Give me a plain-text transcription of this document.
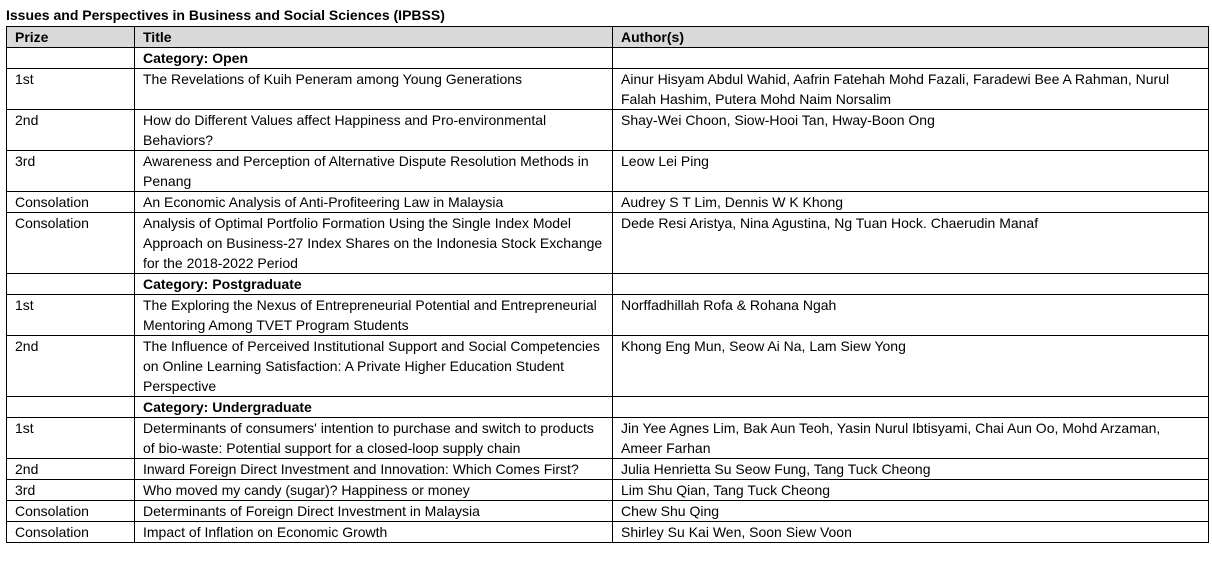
Issues and Perspectives in Business and Social Sciences (IPBSS)
Prize	Title	Author(s)
	Category: Open	
1st	The Revelations of Kuih Peneram among Young Generations	Ainur Hisyam Abdul Wahid, Aafrin Fatehah Mohd Fazali, Faradewi Bee A Rahman, Nurul Falah Hashim, Putera Mohd Naim Norsalim
2nd	How do Different Values affect Happiness and Pro-environmental Behaviors?	Shay-Wei Choon, Siow-Hooi Tan, Hway-Boon Ong
3rd	Awareness and Perception of Alternative Dispute Resolution Methods in Penang	Leow Lei Ping
Consolation	An Economic Analysis of Anti-Profiteering Law in Malaysia	Audrey S T Lim, Dennis W K Khong
Consolation	Analysis of Optimal Portfolio Formation Using the Single Index Model Approach on Business-27 Index Shares on the Indonesia Stock Exchange for the 2018-2022 Period	Dede Resi Aristya, Nina Agustina, Ng Tuan Hock. Chaerudin Manaf
	Category: Postgraduate	
1st	The Exploring the Nexus of Entrepreneurial Potential and Entrepreneurial Mentoring Among TVET Program Students	Norffadhillah Rofa & Rohana Ngah
2nd	The Influence of Perceived Institutional Support and Social Competencies on Online Learning Satisfaction: A Private Higher Education Student Perspective	Khong Eng Mun, Seow Ai Na, Lam Siew Yong
	Category: Undergraduate	
1st	Determinants of consumers' intention to purchase and switch to products of bio-waste: Potential support for a closed-loop supply chain	Jin Yee Agnes Lim, Bak Aun Teoh, Yasin Nurul Ibtisyami, Chai Aun Oo, Mohd Arzaman, Ameer Farhan
2nd	Inward Foreign Direct Investment and Innovation: Which Comes First?	Julia Henrietta Su Seow Fung, Tang Tuck Cheong
3rd	Who moved my candy (sugar)? Happiness or money	Lim Shu Qian, Tang Tuck Cheong
Consolation	Determinants of Foreign Direct Investment in Malaysia	Chew Shu Qing
Consolation	Impact of Inflation on Economic Growth	Shirley Su Kai Wen, Soon Siew Voon
